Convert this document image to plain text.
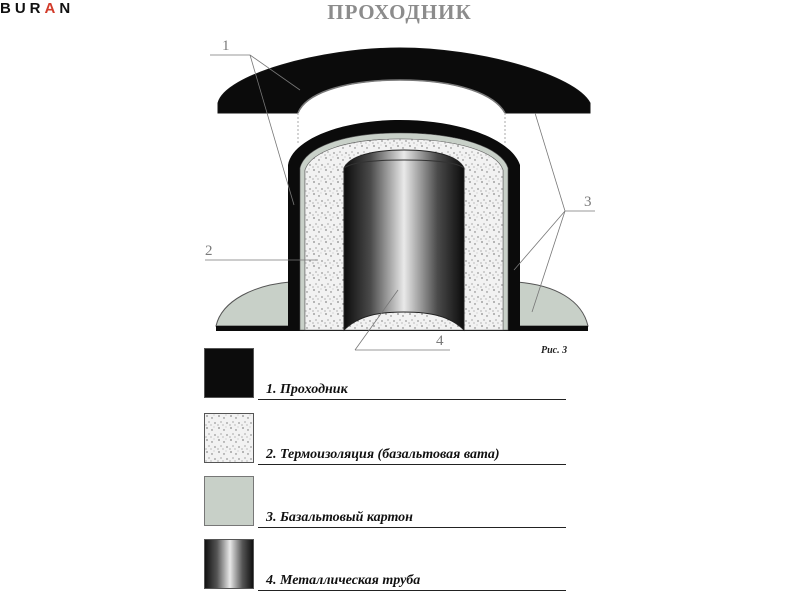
BURAN	ПРОХОДНИК
1
2
3
4
Рис. 3
1. Проходник
2. Термоизоляция (базальтовая вата)
3. Базальтовый картон
4. Металлическая труба
